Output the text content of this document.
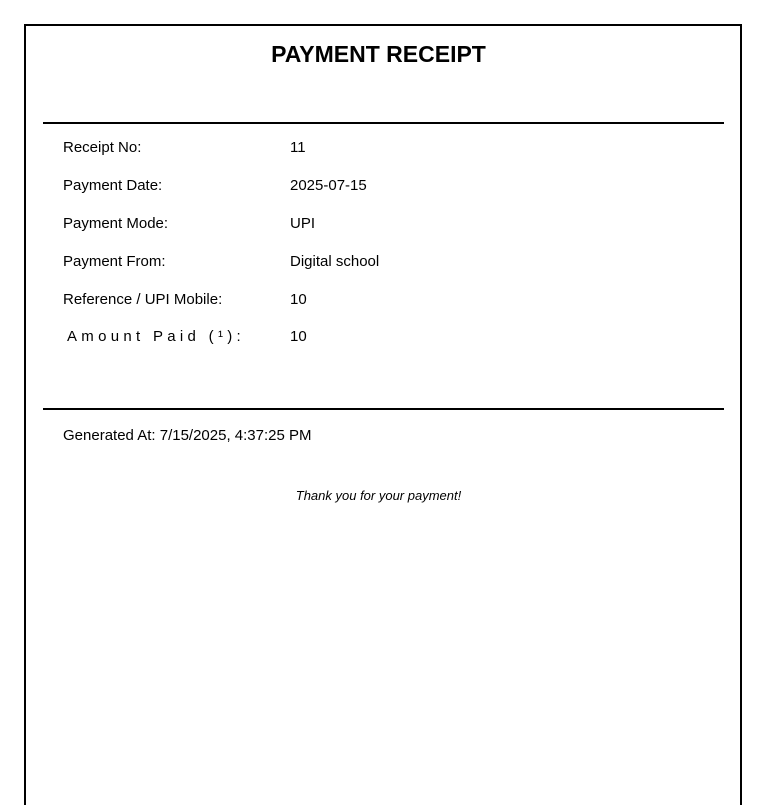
PAYMENT RECEIPT
Receipt No:	11
Payment Date:	2025-07-15
Payment Mode:	UPI
Payment From:	Digital school
Reference / UPI Mobile:	10
Amount Paid (¹):	10
Generated At: 7/15/2025, 4:37:25 PM
Thank you for your payment!
